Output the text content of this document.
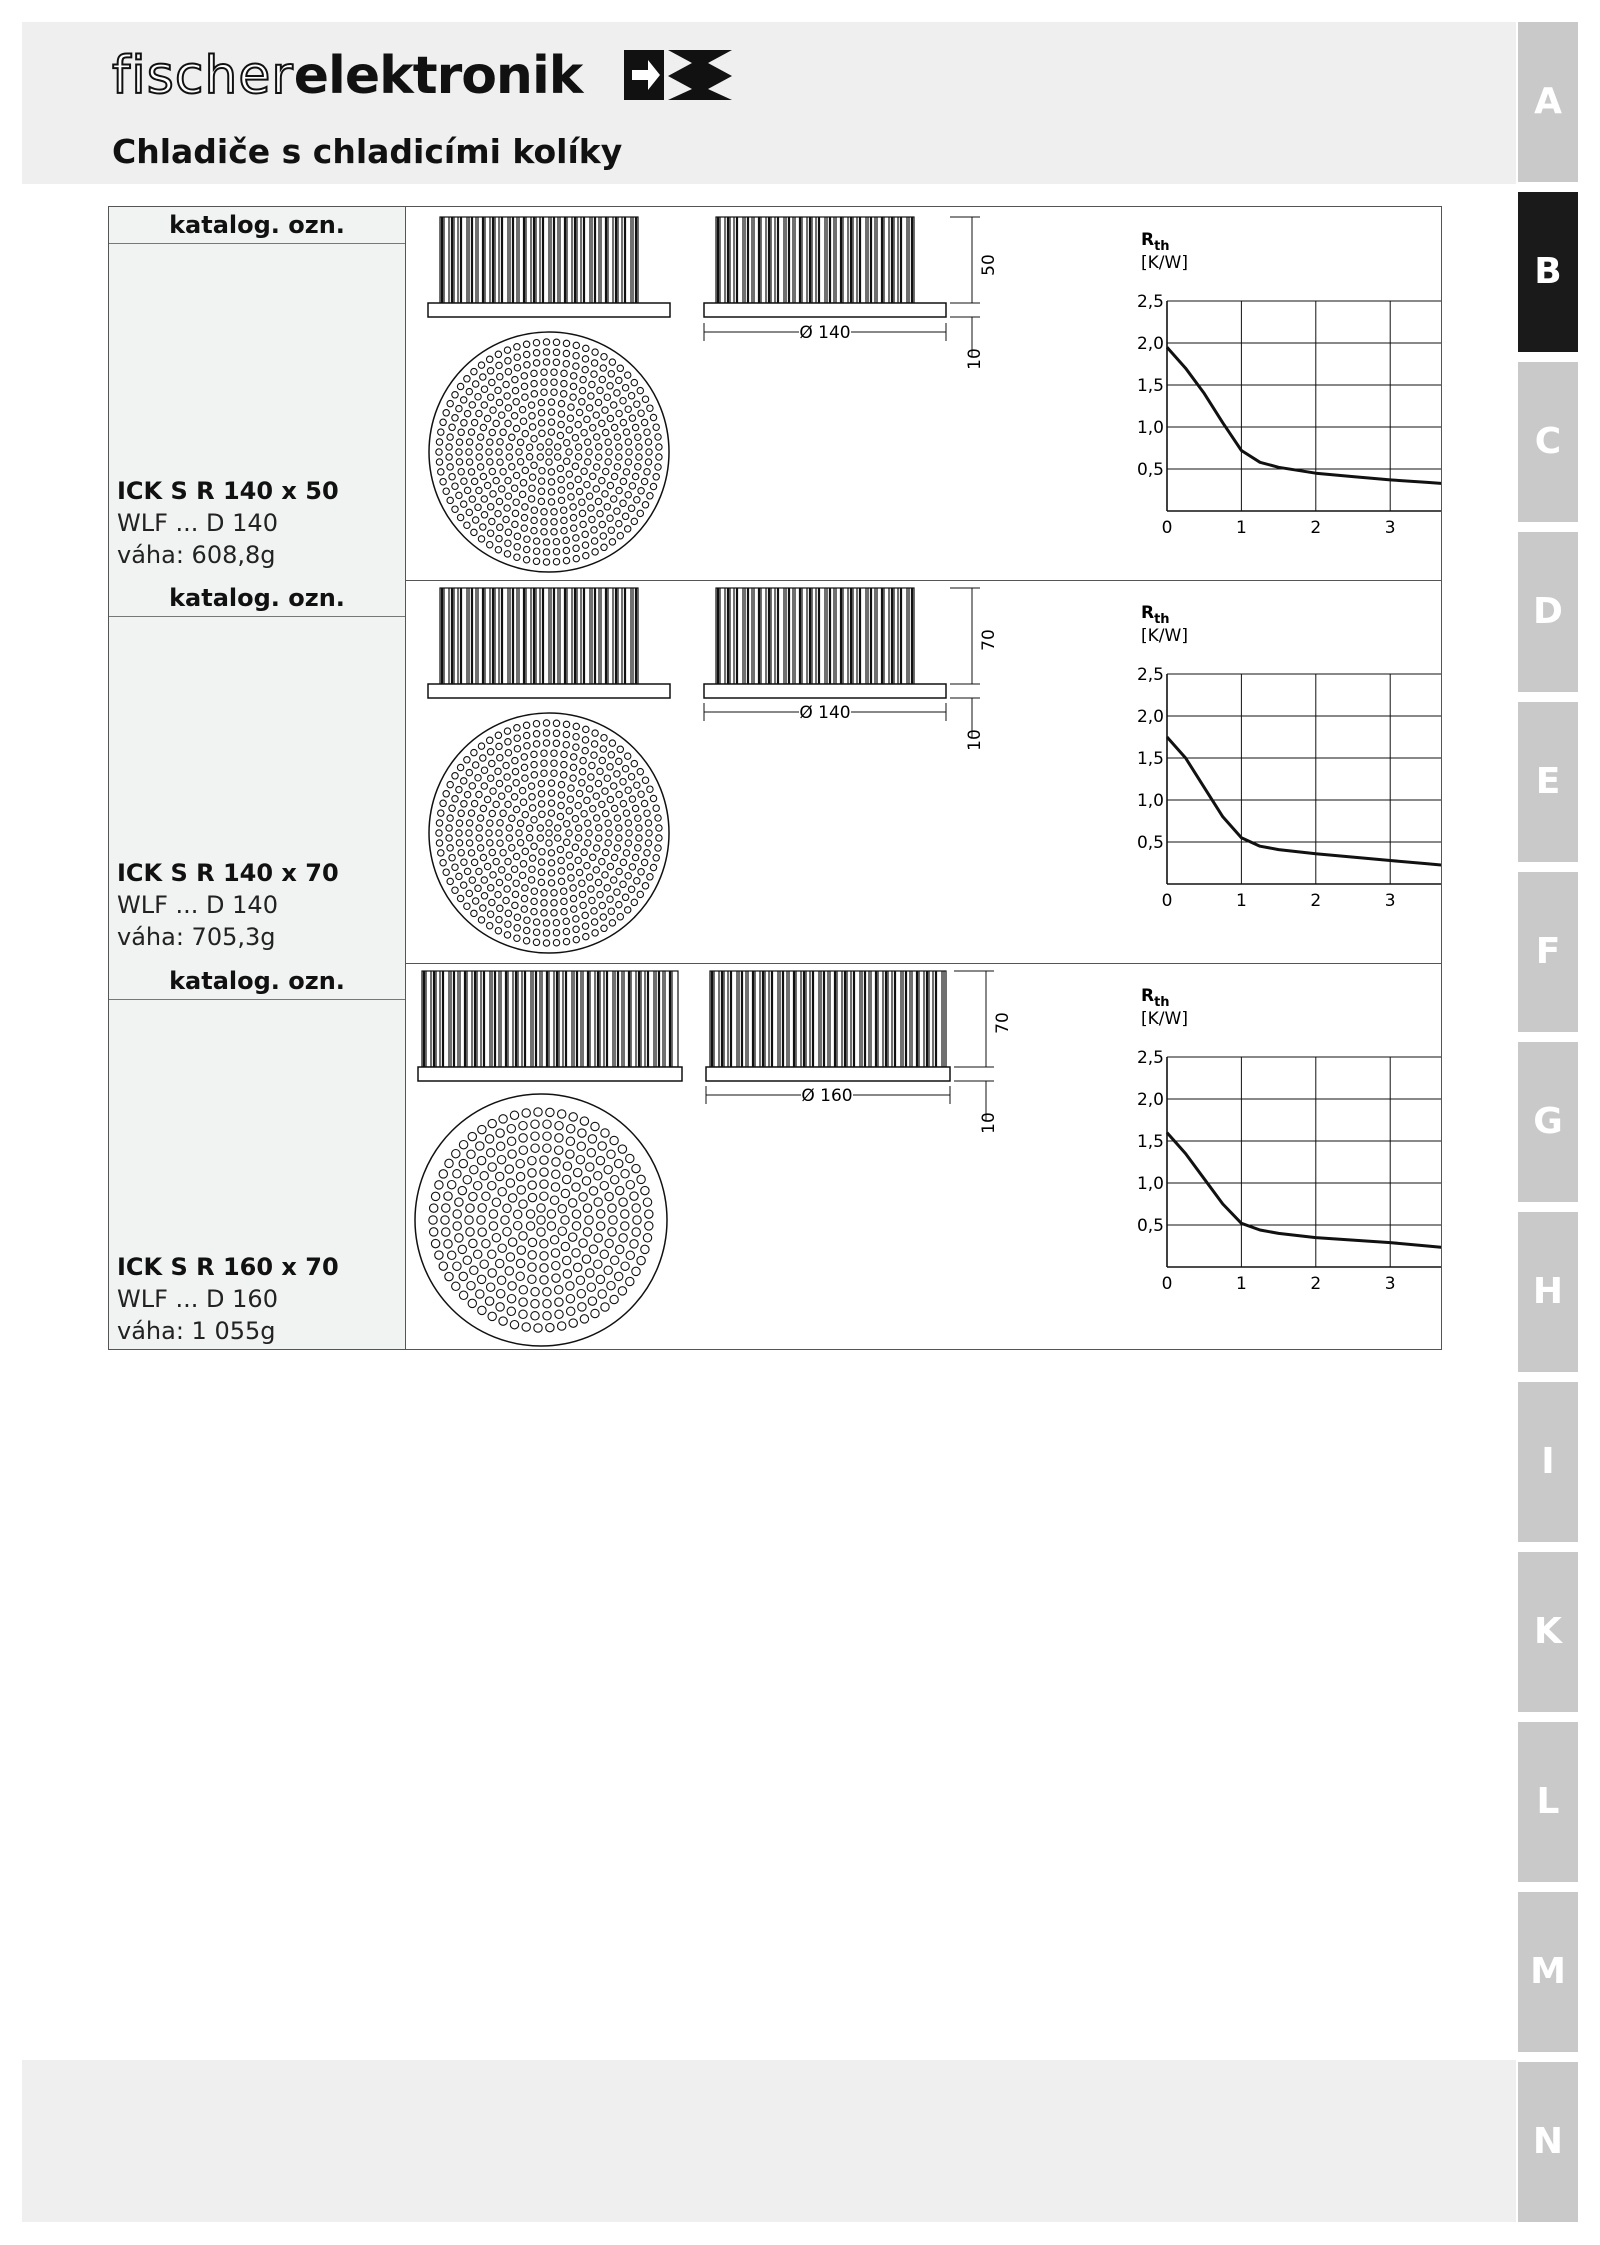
fischerelektronik
Chladiče s chladicími kolíky
A
B
C
D
E
F
G
H
I
K
L
M
N
katalog. ozn.
ICK S R 140 x 50
WLF ... D 140
váha: 608,8g
Ø 140
50
10
0,5
1,0
1,5
2,0
2,5
0	1	2	3
$R_{th}$
[K/W]
katalog. ozn.
ICK S R 140 x 70
WLF ... D 140
váha: 705,3g
Ø 140
70
10
0,5
1,0
1,5
2,0
2,5
0	1	2	3
$R_{th}$
[K/W]
katalog. ozn.
ICK S R 160 x 70
WLF ... D 160
váha: 1 055g
Ø 160
70
10
0,5
1,0
1,5
2,0
2,5
0	1	2	3
$R_{th}$
[K/W]
